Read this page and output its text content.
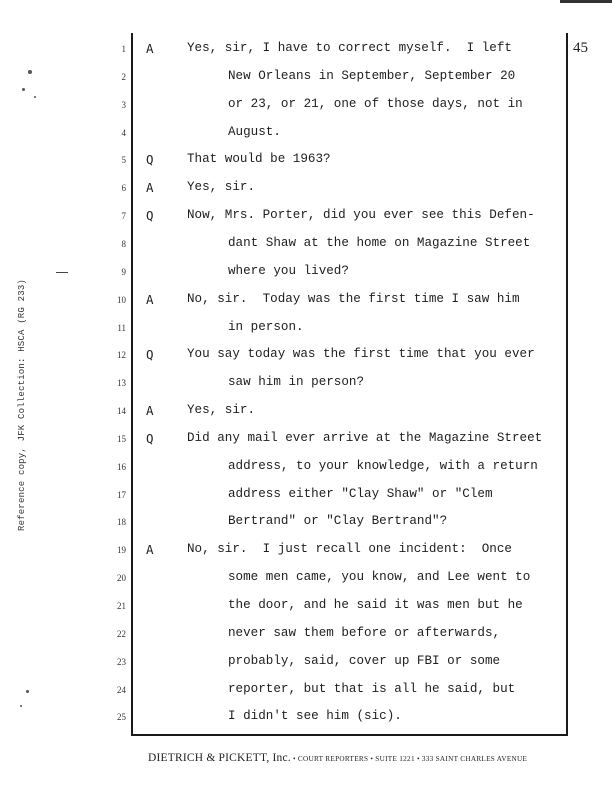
Reference copy, JFK Collection: HSCA (RG 233)
45
1 A	Yes, sir, I have to correct myself.  I left
2	New Orleans in September, September 20
3	or 23, or 21, one of those days, not in
4	August.
5 Q	That would be 1963?
6 A	Yes, sir.
7 Q	Now, Mrs. Porter, did you ever see this Defen-
8	dant Shaw at the home on Magazine Street
9	where you lived?
10 A	No, sir.  Today was the first time I saw him
11	in person.
12 Q	You say today was the first time that you ever
13	saw him in person?
14 A	Yes, sir.
15 Q	Did any mail ever arrive at the Magazine Street
16	address, to your knowledge, with a return
17	address either "Clay Shaw" or "Clem
18	Bertrand" or "Clay Bertrand"?
19 A	No, sir.  I just recall one incident:  Once
20	some men came, you know, and Lee went to
21	the door, and he said it was men but he
22	never saw them before or afterwards,
23	probably, said, cover up FBI or some
24	reporter, but that is all he said, but
25	I didn't see him (sic).
DIETRICH & PICKETT, Inc. • COURT REPORTERS • SUITE 1221 • 333 SAINT CHARLES AVENUE
